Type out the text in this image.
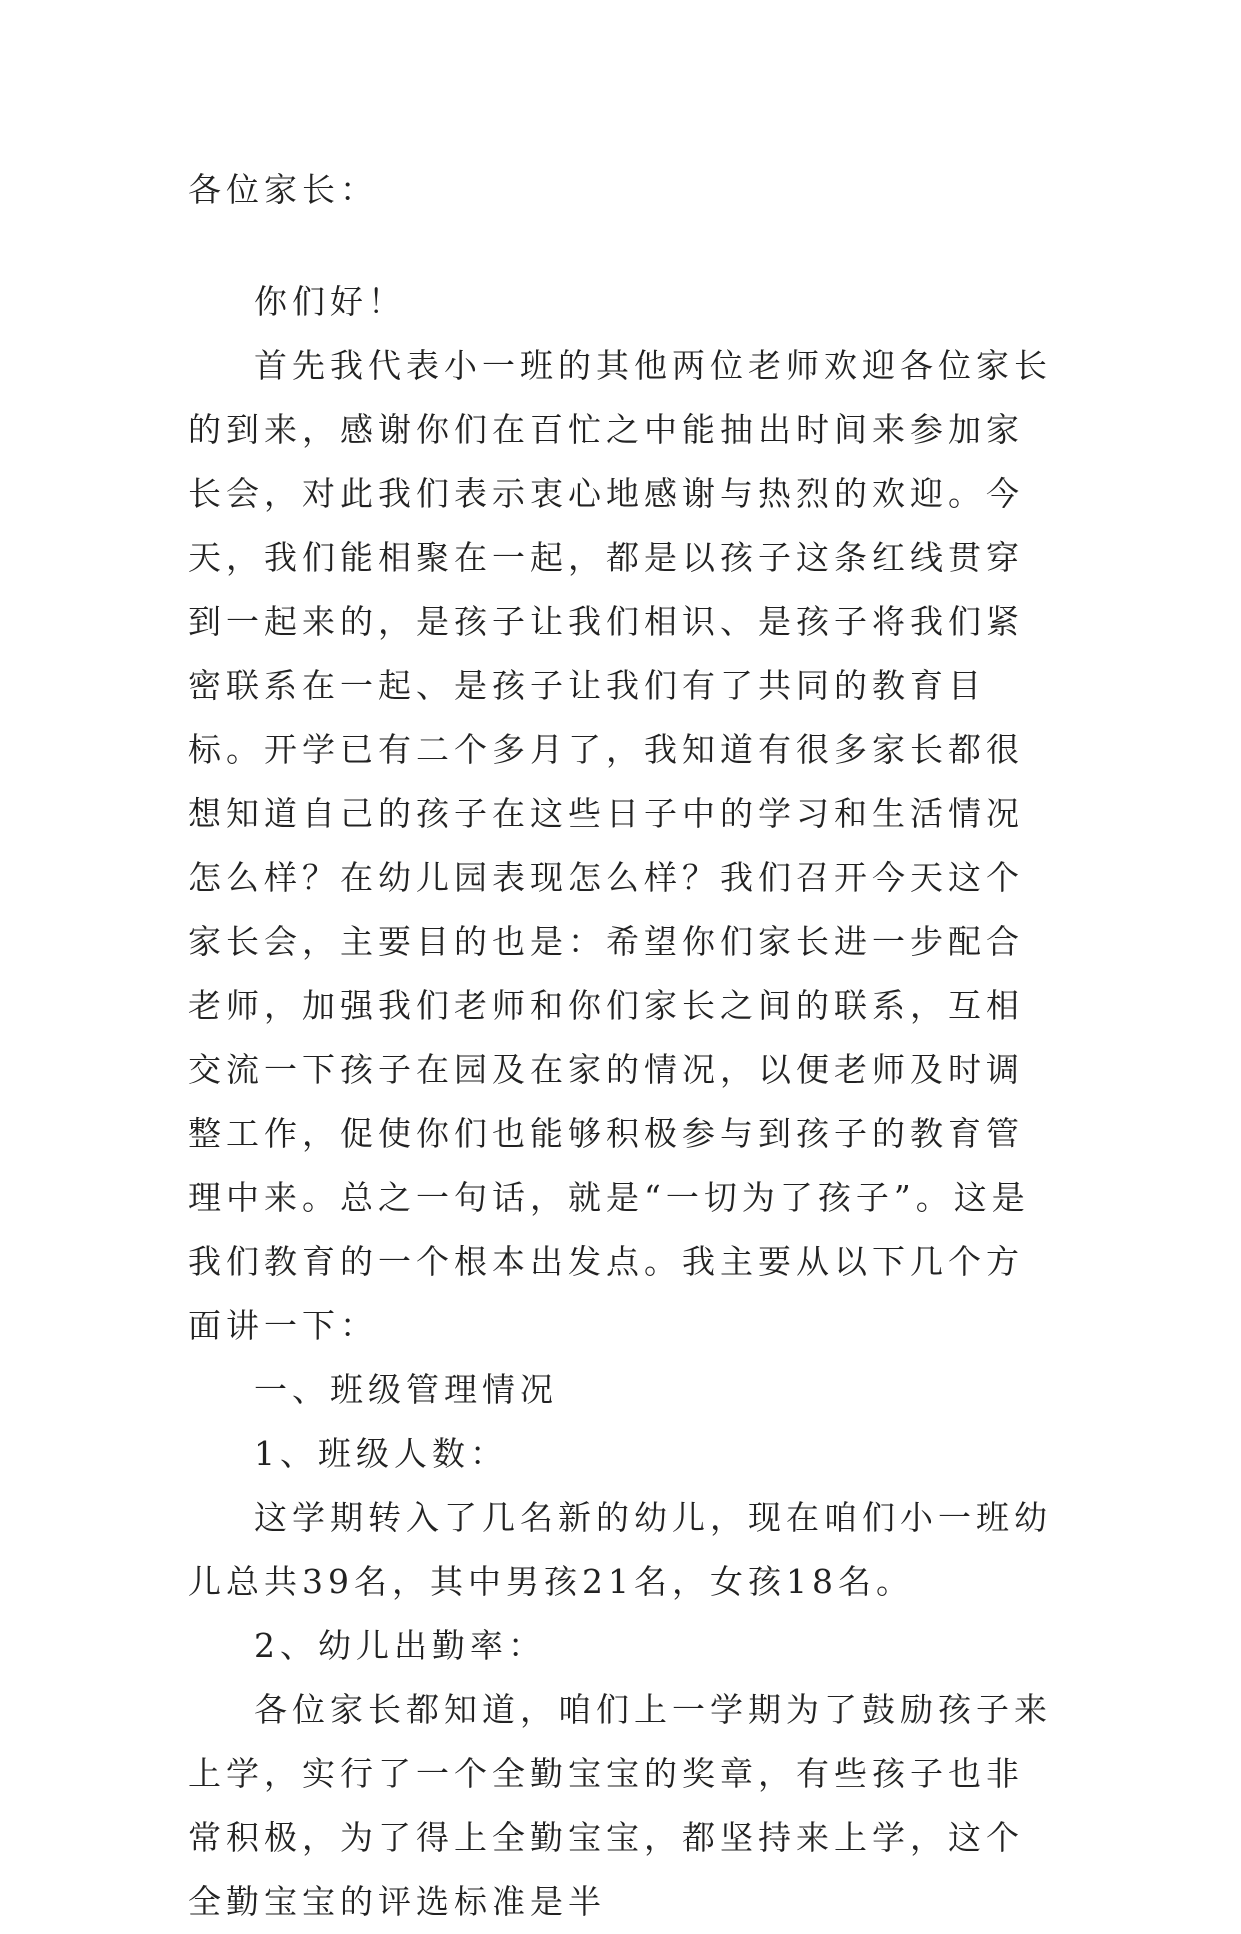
各位家长：

你们好！

首先我代表小一班的其他两位老师欢迎各位家长的到来，感谢你们在百忙之中能抽出时间来参加家长会，对此我们表示衷心地感谢与热烈的欢迎。今天，我们能相聚在一起，都是以孩子这条红线贯穿到一起来的，是孩子让我们相识、是孩子将我们紧密联系在一起、是孩子让我们有了共同的教育目标。开学已有二个多月了，我知道有很多家长都很想知道自己的孩子在这些日子中的学习和生活情况怎么样？在幼儿园表现怎么样？我们召开今天这个家长会，主要目的也是：希望你们家长进一步配合老师，加强我们老师和你们家长之间的联系，互相交流一下孩子在园及在家的情况，以便老师及时调整工作，促使你们也能够积极参与到孩子的教育管理中来。总之一句话，就是“一切为了孩子”。这是我们教育的一个根本出发点。我主要从以下几个方面讲一下：

一、班级管理情况

1、班级人数：

这学期转入了几名新的幼儿，现在咱们小一班幼儿总共39名，其中男孩21名，女孩18名。

2、幼儿出勤率：

各位家长都知道，咱们上一学期为了鼓励孩子来上学，实行了一个全勤宝宝的奖章，有些孩子也非常积极，为了得上全勤宝宝，都坚持来上学，这个全勤宝宝的评选标准是半
